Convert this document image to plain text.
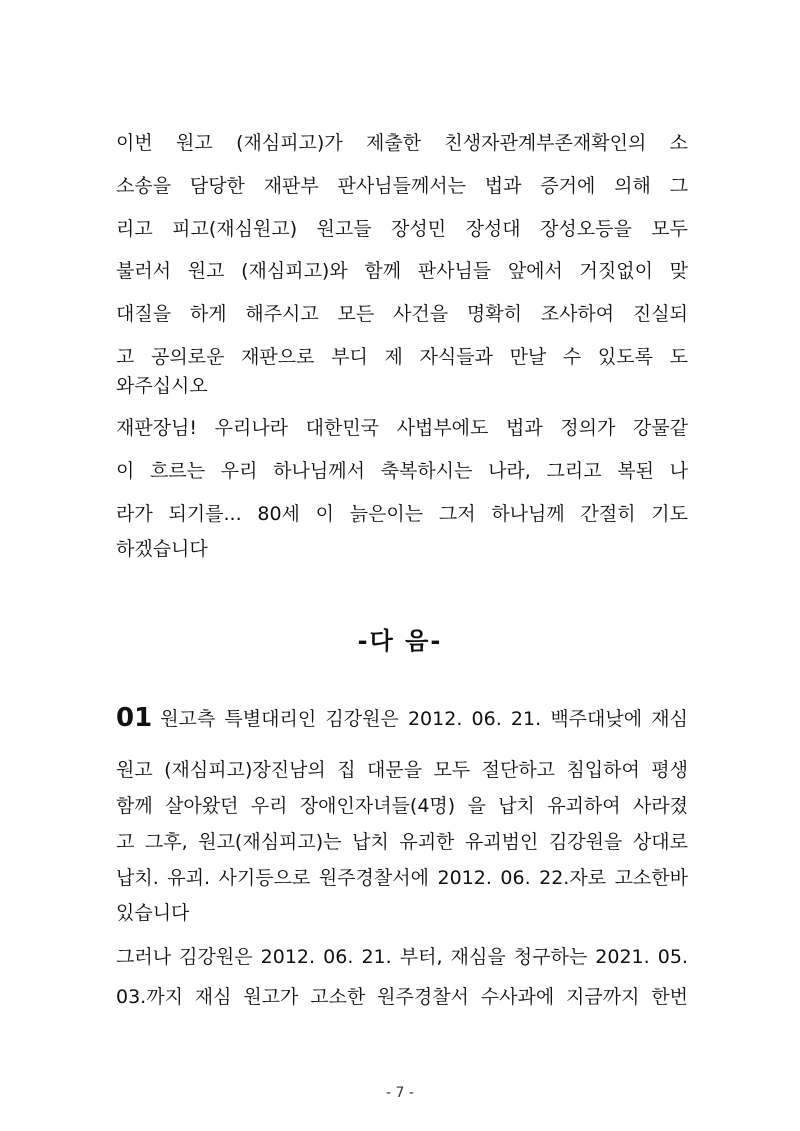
이번 원고 (재심피고)가 제출한 친생자관계부존재확인의 소
소송을 담당한 재판부 판사님들께서는 법과 증거에 의해 그
리고 피고(재심원고) 원고들 장성민 장성대 장성오등을 모두
불러서 원고 (재심피고)와 함께 판사님들 앞에서 거짓없이 맞
대질을 하게 해주시고 모든 사건을 명확히 조사하여 진실되
고 공의로운 재판으로 부디 제 자식들과 만날 수 있도록 도
와주십시오
재판장님! 우리나라 대한민국 사법부에도 법과 정의가 강물같
이 흐르는 우리 하나님께서 축복하시는 나라, 그리고 복된 나
라가 되기를... 80세 이 늙은이는 그저 하나님께 간절히 기도
하겠습니다
-다 음-
01 원고측 특별대리인 김강원은 2012. 06. 21. 백주대낮에 재심
원고 (재심피고)장진남의 집 대문을 모두 절단하고 침입하여 평생
함께 살아왔던 우리 장애인자녀들(4명) 을 납치 유괴하여 사라졌
고 그후, 원고(재심피고)는 납치 유괴한 유괴범인 김강원을 상대로
납치. 유괴. 사기등으로 원주경찰서에 2012. 06. 22.자로 고소한바
있습니다
그러나 김강원은 2012. 06. 21. 부터, 재심을 청구하는 2021. 05.
03.까지 재심 원고가 고소한 원주경찰서 수사과에 지금까지 한번
- 7 -
